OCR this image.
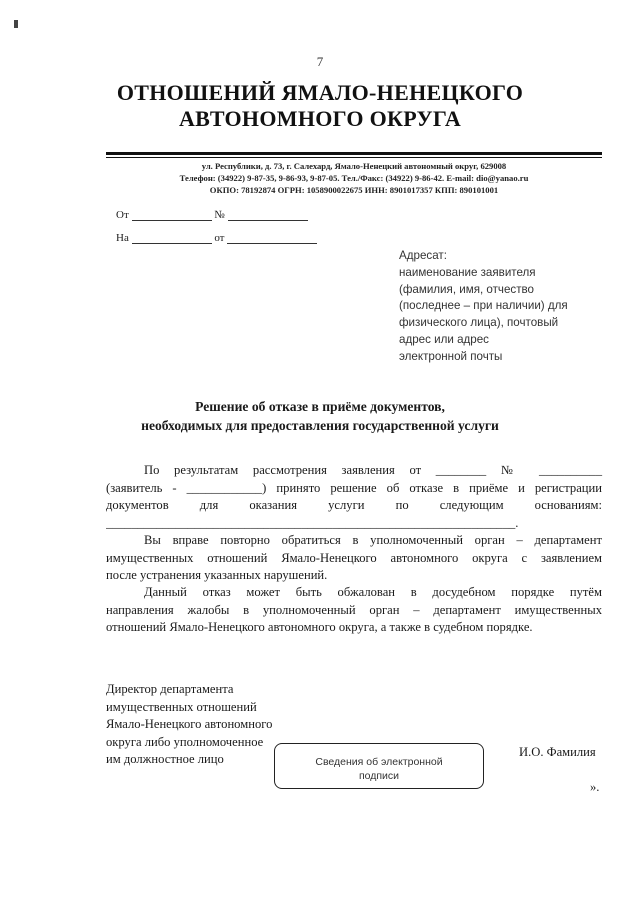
7
ОТНОШЕНИЙ ЯМАЛО-НЕНЕЦКОГО
АВТОНОМНОГО ОКРУГА
ул. Республики, д. 73, г. Салехард, Ямало-Ненецкий автономный округ, 629008
Телефон: (34922) 9-87-35, 9-86-93, 9-87-05. Тел./Факс: (34922) 9-86-42. E-mail: dio@yanao.ru
ОКПО: 78192874 ОГРН: 1058900022675 ИНН: 8901017357 КПП: 890101001
От	№
На	от
Адресат:
наименование заявителя
(фамилия, имя, отчество
(последнее – при наличии) для
физического лица), почтовый
адрес или адрес
электронной почты
Решение об отказе в приёме документов,
необходимых для предоставления государственной услуги
По результатам рассмотрения заявления от ________ № __________
(заявитель - ____________) принято решение об отказе в приёме и регистрации
документов для оказания услуги по следующим основаниям:
_________________________________________________________________.
Вы вправе повторно обратиться в уполномоченный орган – департамент
имущественных отношений Ямало-Ненецкого автономного округа с заявлением
после устранения указанных нарушений.
Данный отказ может быть обжалован в досудебном порядке путём
направления жалобы в уполномоченный орган – департамент имущественных
отношений Ямало-Ненецкого автономного округа, а также в судебном порядке.
Директор департамента
имущественных отношений
Ямало-Ненецкого автономного
округа либо уполномоченное
им должностное лицо	Сведения об электронной
подписи
И.О. Фамилия
».
